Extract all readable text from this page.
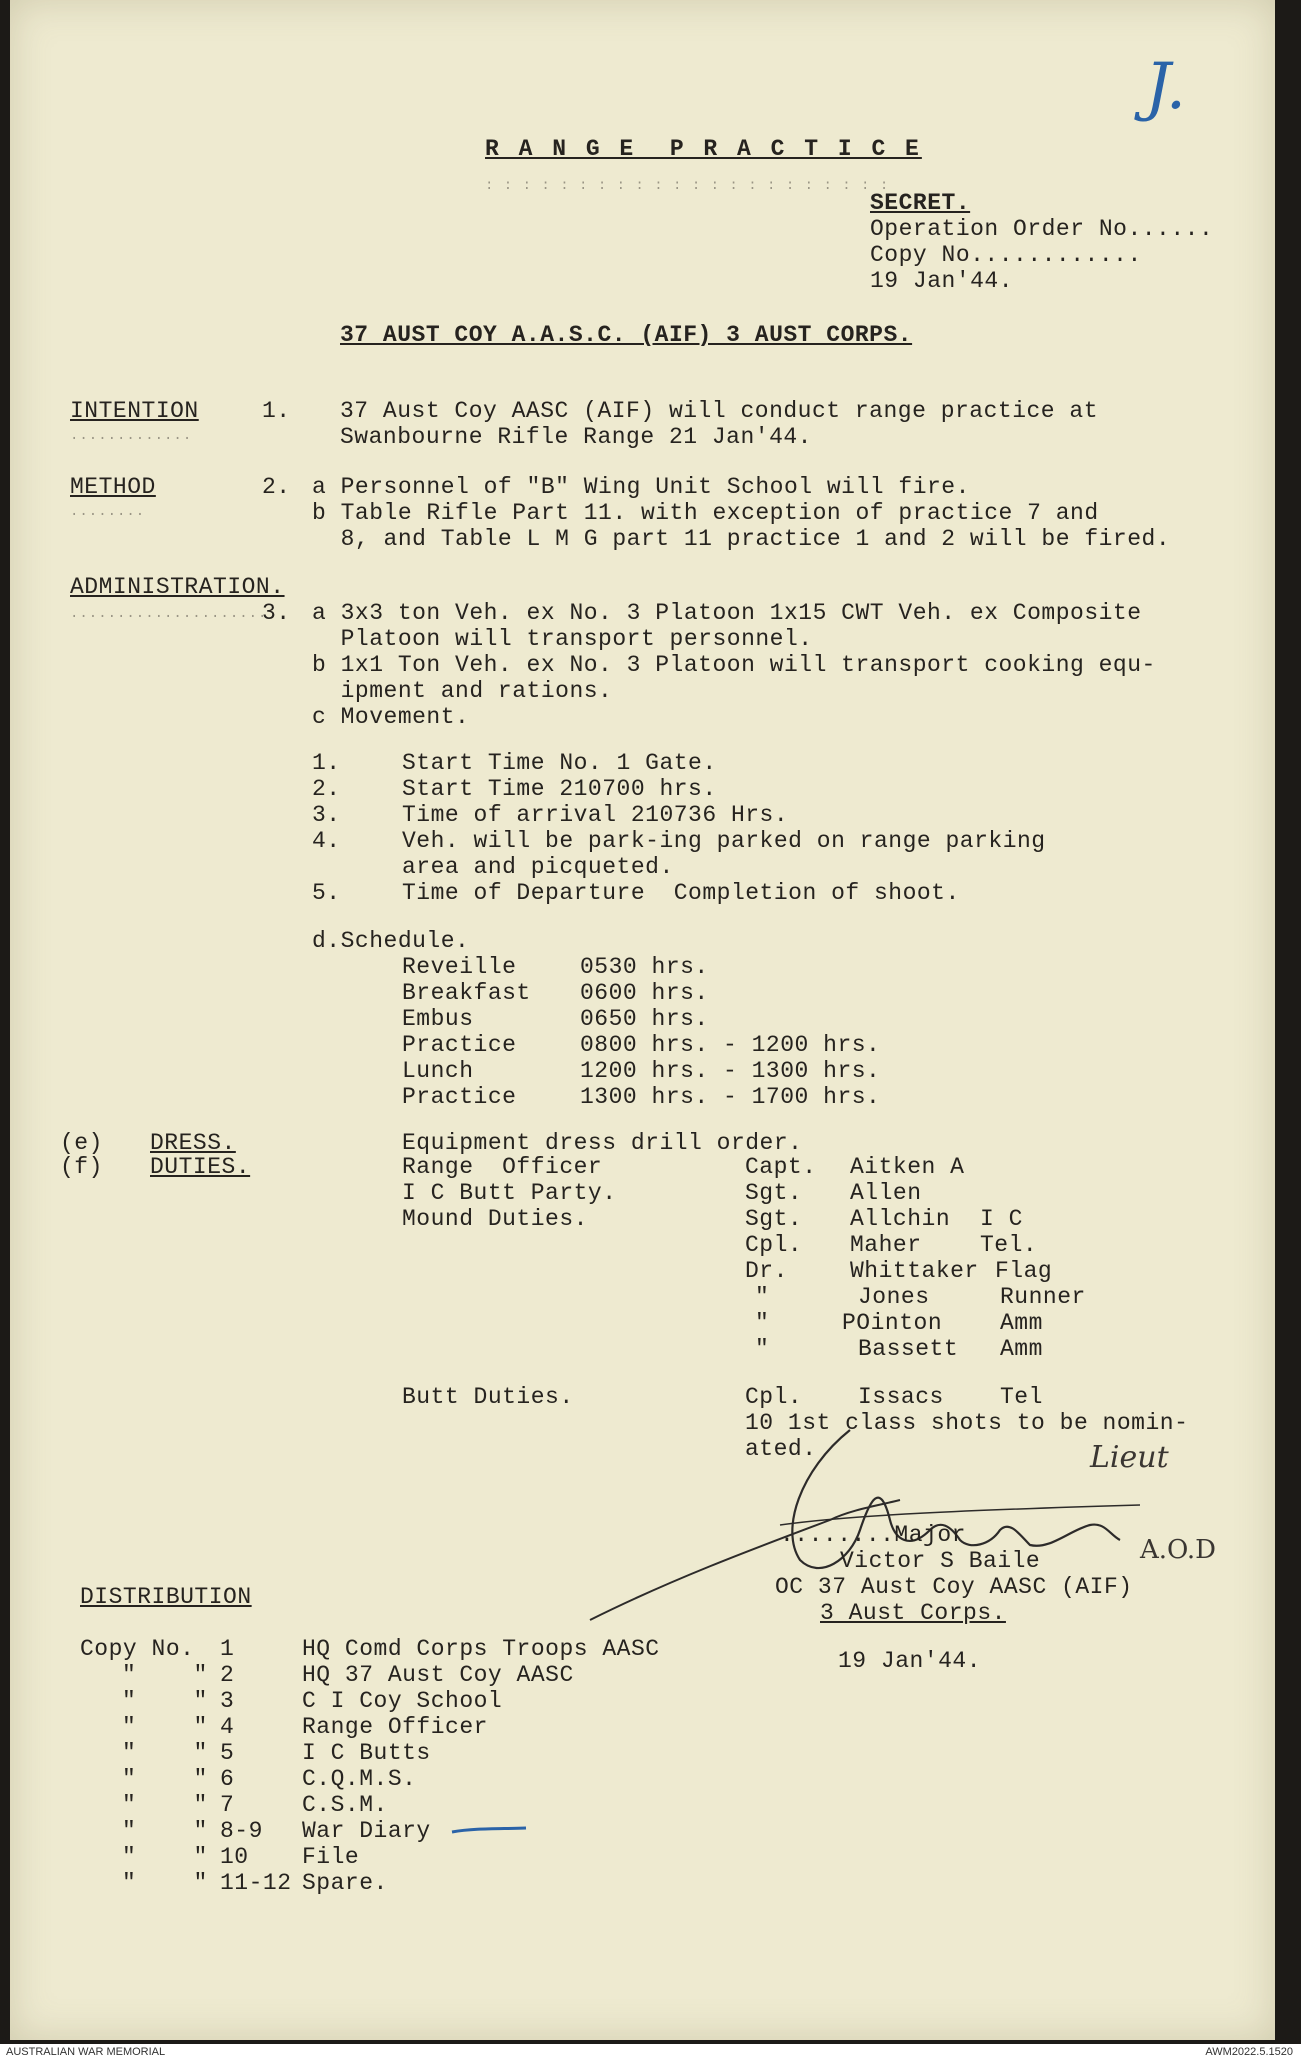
J.
R A N G E  P R A C T I C E
: : : : : : : : : : : : : : : : : : : : : :
SECRET.
Operation Order No......
Copy No............
19 Jan'44.
37 AUST COY A.A.S.C. (AIF) 3 AUST CORPS.
INTENTION
.............
1. 37 Aust Coy AASC (AIF) will conduct range practice at
Swanbourne Rifle Range 21 Jan'44.
METHOD
........
2. a Personnel of "B" Wing Unit School will fire.
b Table Rifle Part 11. with exception of practice 7 and
8, and Table L M G part 11 practice 1 and 2 will be fired.
ADMINISTRATION.
.....................
3. a 3x3 ton Veh. ex No. 3 Platoon 1x15 CWT Veh. ex Composite
Platoon will transport personnel.
b 1x1 Ton Veh. ex No. 3 Platoon will transport cooking equ-
ipment and rations.
c Movement.
1.	Start Time No. 1 Gate.
2.	Start Time 210700 hrs.
3.	Time of arrival 210736 Hrs.
4.	Veh. will be park-ing parked on range parking
area and picqueted.
5.	Time of Departure  Completion of shoot.
d.Schedule.
Reveille	0530 hrs.
Breakfast 0600 hrs.
Embus	0650 hrs.
Practice	0800 hrs. - 1200 hrs.
Lunch	1200 hrs. - 1300 hrs.
Practice	1300 hrs. - 1700 hrs.
(e) DRESS.	Equipment dress drill order.
(f) DUTIES.	Range  Officer	Capt. Aitken A
I C Butt Party.	Sgt. Allen
Mound Duties.	Sgt. Allchin I C
Cpl. Maher	Tel.
Dr.	Whittaker Flag
"	Jones	Runner
"	POinton	Amm
"	Bassett Amm
Butt Duties.	Cpl. Issacs Tel
10 1st class shots to be nomin-
ated.	Lieut
A.O.D
........Major
Victor S Baile
OC 37 Aust Coy AASC (AIF)
3 Aust Corps.
19 Jan'44.
DISTRIBUTION
Copy No. 1	HQ Comd Corps Troops AASC
"    " 2	HQ 37 Aust Coy AASC
"    " 3	C I Coy School
"    " 4	Range Officer
"    " 5	I C Butts
"    " 6	C.Q.M.S.
"    " 7	C.S.M.
"    " 8-9 War Diary
"    " 10 File
"    " 11-12 Spare.
AUSTRALIAN WAR MEMORIAL	AWM2022.5.1520
